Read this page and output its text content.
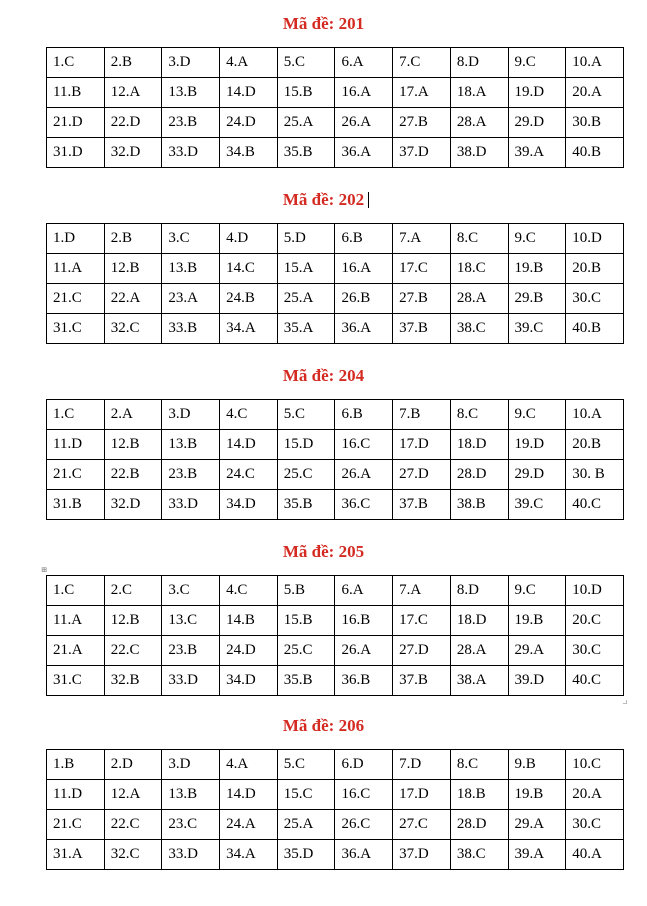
Mã đề: 201
1.C	2.B	3.D	4.A	5.C	6.A	7.C	8.D	9.C	10.A
11.B	12.A	13.B	14.D	15.B	16.A	17.A	18.A	19.D	20.A
21.D	22.D	23.B	24.D	25.A	26.A	27.B	28.A	29.D	30.B
31.D	32.D	33.D	34.B	35.B	36.A	37.D	38.D	39.A	40.B
Mã đề: 202
1.D	2.B	3.C	4.D	5.D	6.B	7.A	8.C	9.C	10.D
11.A	12.B	13.B	14.C	15.A	16.A	17.C	18.C	19.B	20.B
21.C	22.A	23.A	24.B	25.A	26.B	27.B	28.A	29.B	30.C
31.C	32.C	33.B	34.A	35.A	36.A	37.B	38.C	39.C	40.B
Mã đề: 204
1.C	2.A	3.D	4.C	5.C	6.B	7.B	8.C	9.C	10.A
11.D	12.B	13.B	14.D	15.D	16.C	17.D	18.D	19.D	20.B
21.C	22.B	23.B	24.C	25.C	26.A	27.D	28.D	29.D	30. B
31.B	32.D	33.D	34.D	35.B	36.C	37.B	38.B	39.C	40.C
Mã đề: 205
⊞
1.C	2.C	3.C	4.C	5.B	6.A	7.A	8.D	9.C	10.D
11.A	12.B	13.C	14.B	15.B	16.B	17.C	18.D	19.B	20.C
21.A	22.C	23.B	24.D	25.C	26.A	27.D	28.A	29.A	30.C
31.C	32.B	33.D	34.D	35.B	36.B	37.B	38.A	39.D	40.C
Mã đề: 206
1.B	2.D	3.D	4.A	5.C	6.D	7.D	8.C	9.B	10.C
11.D	12.A	13.B	14.D	15.C	16.C	17.D	18.B	19.B	20.A
21.C	22.C	23.C	24.A	25.A	26.C	27.C	28.D	29.A	30.C
31.A	32.C	33.D	34.A	35.D	36.A	37.D	38.C	39.A	40.A
